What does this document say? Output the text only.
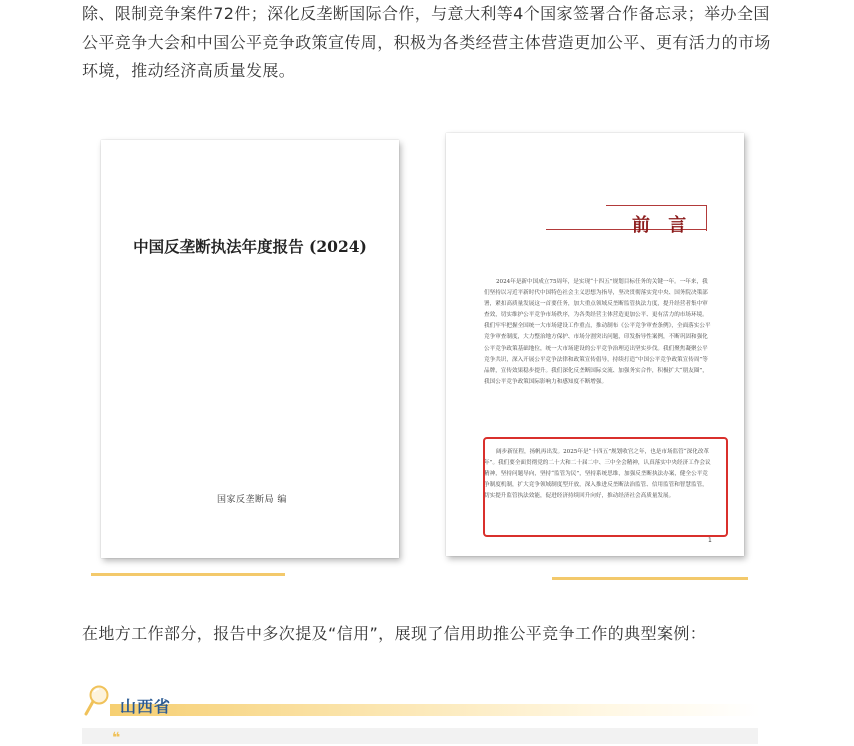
除、限制竞争案件72件；深化反垄断国际合作，与意大利等4个国家签署合作备忘录；举办全国公平竞争大会和中国公平竞争政策宣传周，积极为各类经营主体营造更加公平、更有活力的市场环境，推动经济高质量发展。

中国反垄断执法年度报告 (2024)
国家反垄断局 编
前 言
2024年是新中国成立75周年，是实现“十四五”规划目标任务的关键一年。一年来，我们坚持以习近平新时代中国特色社会主义思想为指导，坚决贯彻落实党中央、国务院决策部署，紧扣高质量发展这一首要任务，加大重点领域反垄断监管执法力度，提升经营者集中审查效，切实维护公平竞争市场秩序，为各类经营主体营造更加公平、更有活力的市场环境。我们牢牢把握全国统一大市场建设工作重点，推动制布《公平竞争审查条例》，全面落实公平竞争审查制度，大力整治地方保护、市场分割突出问题，印发指导性案例，不断巩固和强化公平竞争政策基础地位，统一大市场建设的公平竞争治理迈出坚实步伐。我们聚焦凝聚公平竞争共识，深入开展公平竞争法律和政策宣传倡导，持续打造“中国公平竞争政策宣传周”等品牌，宣传效果稳步提升。我们深化反垄断国际交流、加强务实合作，积极扩大“朋友圈”，我国公平竞争政策国际影响力和感知度不断增强。
阔步新征程，扬帆再出发。2025年是“十四五”规划收官之年，也是市场监管“深化改革年”。我们要全面贯彻党的二十大和二十届二中、三中全会精神，认真落实中央经济工作会议精神，坚持问题导向，坚持“监管为民”，坚持系统思维，加强反垄断执法办案，健全公平竞争制度机制，扩大竞争领域制度型开放，深入推进反垄断法治监管、信用监管和智慧监管，切实提升监管执法效能，促进经济持续回升向好，推动经济社会高质量发展。
1

在地方工作部分，报告中多次提及“信用”，展现了信用助推公平竞争工作的典型案例：

山西省
❝
